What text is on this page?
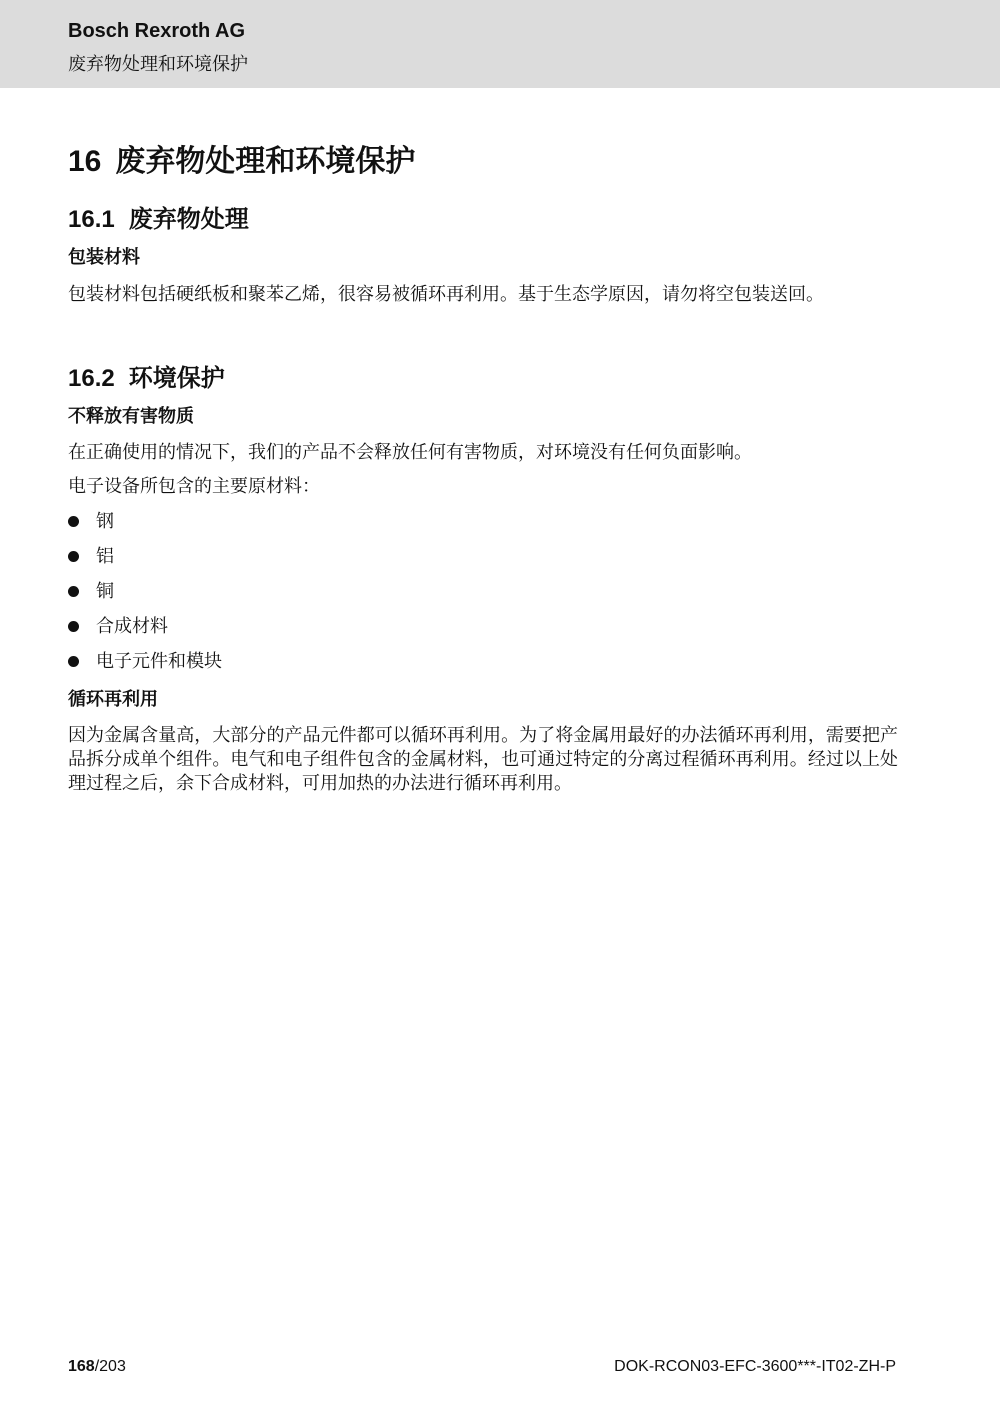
Bosch Rexroth AG
废弃物处理和环境保护
16 废弃物处理和环境保护
16.1 废弃物处理
包装材料
包装材料包括硬纸板和聚苯乙烯，很容易被循环再利用。基于生态学原因，请勿将空包装送回。
16.2 环境保护
不释放有害物质
在正确使用的情况下，我们的产品不会释放任何有害物质，对环境没有任何负面影响。
电子设备所包含的主要原材料：
钢
铝
铜
合成材料
电子元件和模块
循环再利用
因为金属含量高，大部分的产品元件都可以循环再利用。为了将金属用最好的办法循环再利用，需要把产品拆分成单个组件。电气和电子组件包含的金属材料，也可通过特定的分离过程循环再利用。经过以上处理过程之后，余下合成材料，可用加热的办法进行循环再利用。
168/203	DOK-RCON03-EFC-3600***-IT02-ZH-P
